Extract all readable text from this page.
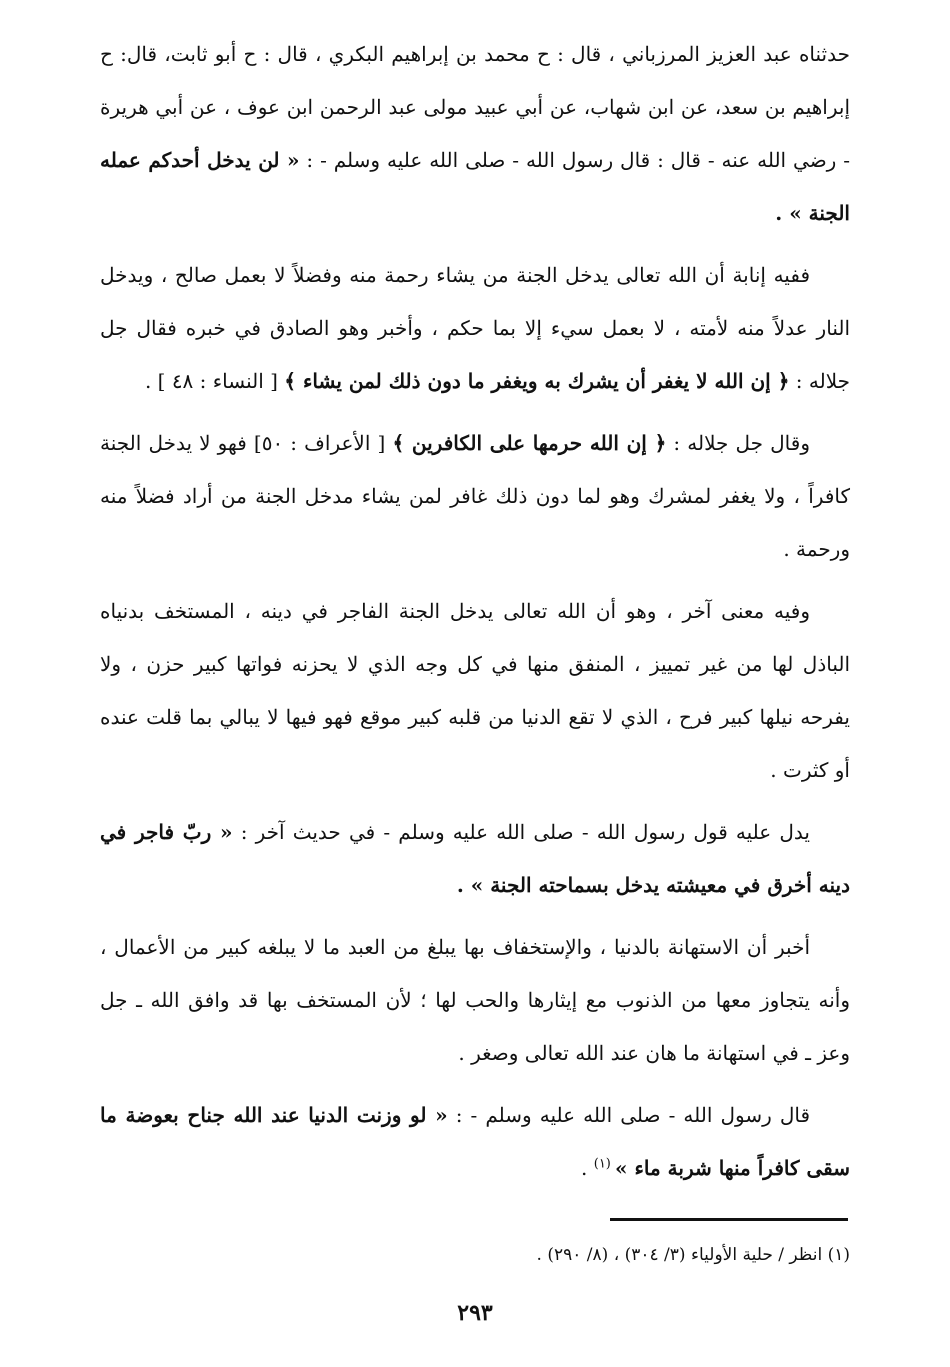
حدثناه عبد العزيز المرزباني ، قال : ح محمد بن إبراهيم البكري ، قال : ح أبو ثابت، قال: ح إبراهيم بن سعد، عن ابن شهاب، عن أبي عبيد مولى عبد الرحمن ابن عوف ، عن أبي هريرة - رضي الله عنه - قال : قال رسول الله - صلى الله عليه وسلم - : « لن يدخل أحدكم عمله الجنة » .

ففيه إنابة أن الله تعالى يدخل الجنة من يشاء رحمة منه وفضلاً لا بعمل صالح ، ويدخل النار عدلاً منه لأمته ، لا بعمل سيء إلا بما حكم ، وأخبر وهو الصادق في خبره فقال جل جلاله : ﴿ إن الله لا يغفر أن يشرك به ويغفر ما دون ذلك لمن يشاء ﴾ [ النساء : ٤٨ ] .

وقال جل جلاله : ﴿ إن الله حرمها على الكافرين ﴾ [ الأعراف : ٥٠] فهو لا يدخل الجنة كافراً ، ولا يغفر لمشرك وهو لما دون ذلك غافر لمن يشاء مدخل الجنة من أراد فضلاً منه ورحمة .

وفيه معنى آخر ، وهو أن الله تعالى يدخل الجنة الفاجر في دينه ، المستخف بدنياه الباذل لها من غير تمييز ، المنفق منها في كل وجه الذي لا يحزنه فواتها كبير حزن ، ولا يفرحه نيلها كبير فرح ، الذي لا تقع الدنيا من قلبه كبير موقع فهو فيها لا يبالي بما قلت عنده أو كثرت .

يدل عليه قول رسول الله - صلى الله عليه وسلم - في حديث آخر : « ربّ فاجر في دينه أخرق في معيشته يدخل بسماحته الجنة » .

أخبر أن الاستهانة بالدنيا ، والإستخفاف بها يبلغ من العبد ما لا يبلغه كبير من الأعمال ، وأنه يتجاوز معها من الذنوب مع إيثارها والحب لها ؛ لأن المستخف بها قد وافق الله ـ جل وعز ـ في استهانة ما هان عند الله تعالى وصغر .

قال رسول الله - صلى الله عليه وسلم - : « لو وزنت الدنيا عند الله جناح بعوضة ما سقى كافراً منها شربة ماء » $^{(١)}$ .

(١) انظر / حلية الأولياء (٣/ ٣٠٤) ، (٨/ ٢٩٠) .
٢٩٣
